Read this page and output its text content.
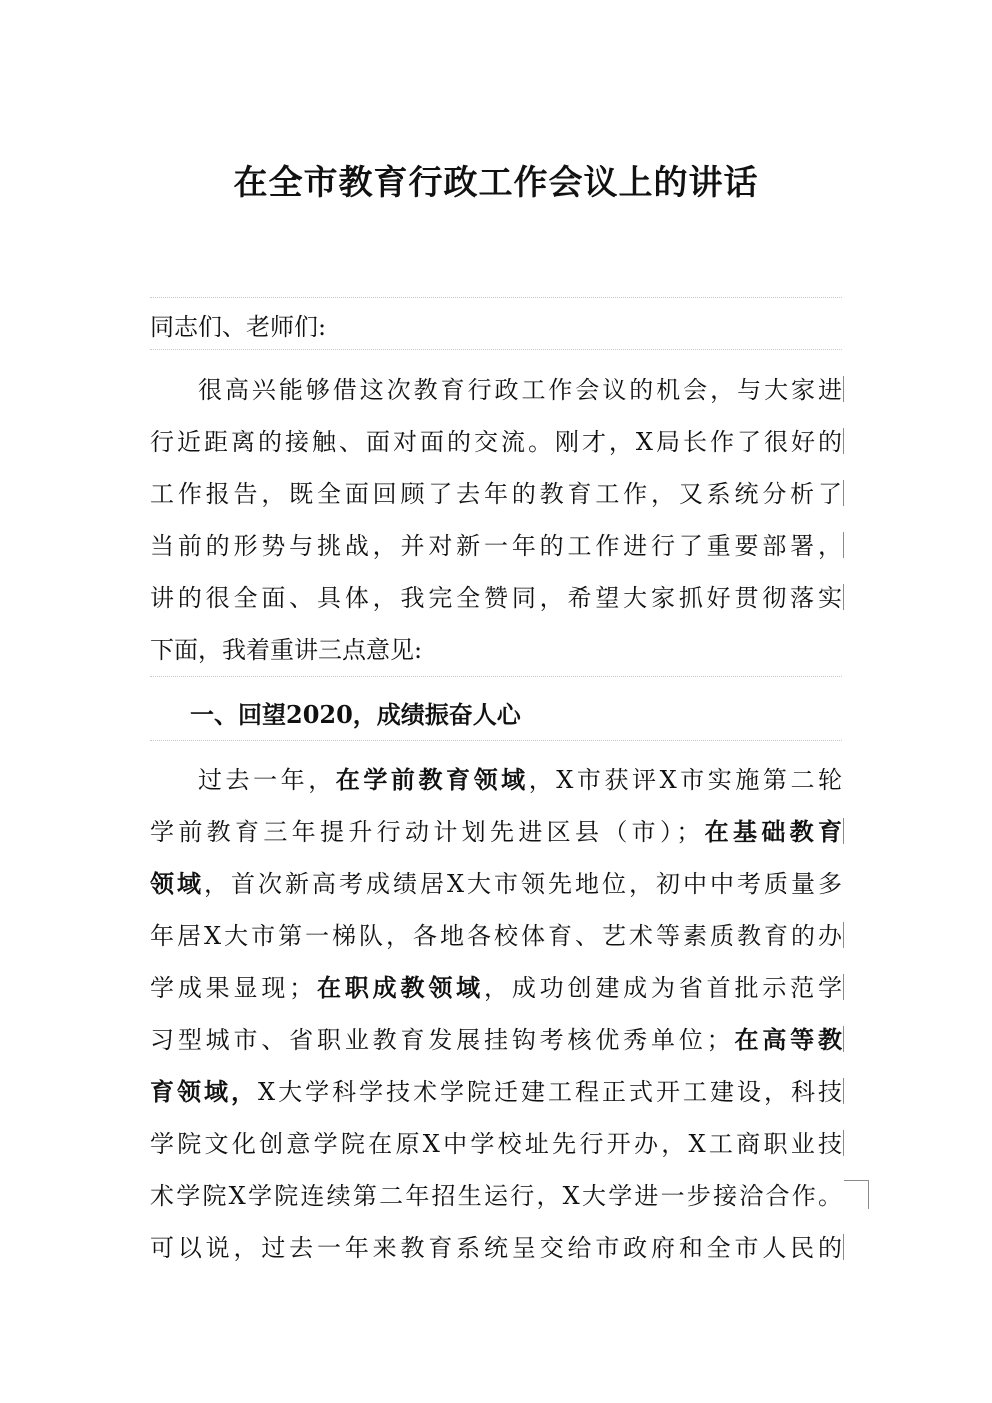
在全市教育行政工作会议上的讲话
同志们、老师们:
很高兴能够借这次教育行政工作会议的机会，与大家进
行近距离的接触、面对面的交流。刚才，X局长作了很好的
工作报告，既全面回顾了去年的教育工作，又系统分析了
当前的形势与挑战，并对新一年的工作进行了重要部署，
讲的很全面、具体，我完全赞同，希望大家抓好贯彻落实
下面，我着重讲三点意见:
一、回望2020，成绩振奋人心
过去一年，在学前教育领域，X市获评X市实施第二轮
学前教育三年提升行动计划先进区县（市）；在基础教育
领域，首次新高考成绩居X大市领先地位，初中中考质量多
年居X大市第一梯队，各地各校体育、艺术等素质教育的办
学成果显现；在职成教领域，成功创建成为省首批示范学
习型城市、省职业教育发展挂钩考核优秀单位；在高等教
育领域，X大学科学技术学院迁建工程正式开工建设，科技
学院文化创意学院在原X中学校址先行开办，X工商职业技
术学院X学院连续第二年招生运行，X大学进一步接洽合作。
可以说，过去一年来教育系统呈交给市政府和全市人民的
